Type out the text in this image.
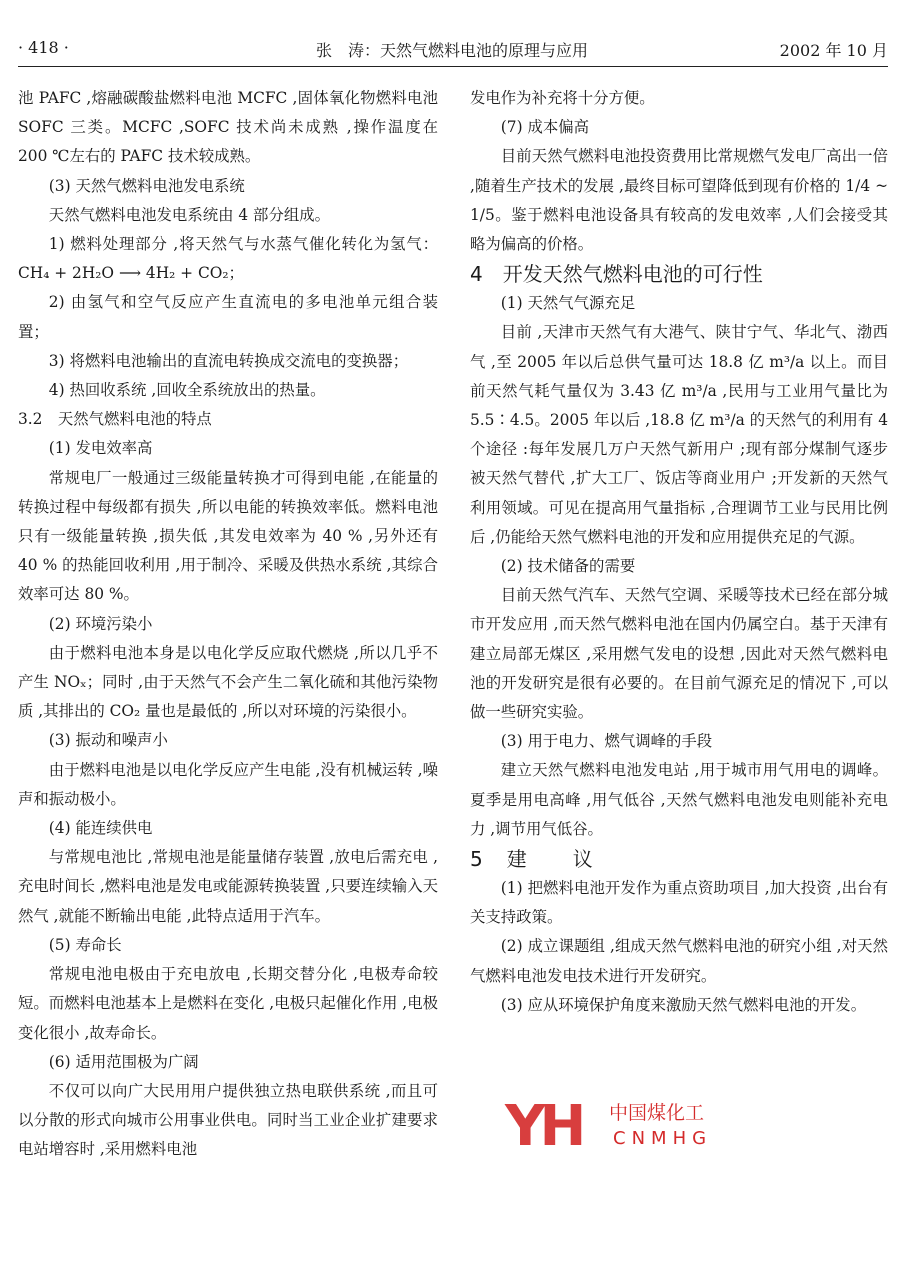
· 418 ·	张　涛：天然气燃料电池的原理与应用	2002 年 10 月

池 PAFC ,熔融碳酸盐燃料电池 MCFC ,固体氧化物燃料电池 SOFC 三类。MCFC ,SOFC 技术尚未成熟 ,操作温度在 200 ℃左右的 PAFC 技术较成熟。

(3) 天然气燃料电池发电系统

天然气燃料电池发电系统由 4 部分组成。

1) 燃料处理部分 ,将天然气与水蒸气催化转化为氢气：CH₄ + 2H₂O ⟶ 4H₂ + CO₂；

2) 由氢气和空气反应产生直流电的多电池单元组合装置；

3) 将燃料电池输出的直流电转换成交流电的变换器；

4) 热回收系统 ,回收全系统放出的热量。

3.2　天然气燃料电池的特点

(1) 发电效率高

常规电厂一般通过三级能量转换才可得到电能 ,在能量的转换过程中每级都有损失 ,所以电能的转换效率低。燃料电池只有一级能量转换 ,损失低 ,其发电效率为 40 % ,另外还有 40 % 的热能回收利用 ,用于制冷、采暖及供热水系统 ,其综合效率可达 80 %。

(2) 环境污染小

由于燃料电池本身是以电化学反应取代燃烧 ,所以几乎不产生 NOₓ；同时 ,由于天然气不会产生二氧化硫和其他污染物质 ,其排出的 CO₂ 量也是最低的 ,所以对环境的污染很小。

(3) 振动和噪声小

由于燃料电池是以电化学反应产生电能 ,没有机械运转 ,噪声和振动极小。

(4) 能连续供电

与常规电池比 ,常规电池是能量储存装置 ,放电后需充电 ,充电时间长 ,燃料电池是发电或能源转换装置 ,只要连续输入天然气 ,就能不断输出电能 ,此特点适用于汽车。

(5) 寿命长

常规电池电极由于充电放电 ,长期交替分化 ,电极寿命较短。而燃料电池基本上是燃料在变化 ,电极只起催化作用 ,电极变化很小 ,故寿命长。

(6) 适用范围极为广阔

不仅可以向广大民用用户提供独立热电联供系统 ,而且可以分散的形式向城市公用事业供电。同时当工业企业扩建要求电站增容时 ,采用燃料电池

发电作为补充将十分方便。

(7) 成本偏高

目前天然气燃料电池投资费用比常规燃气发电厂高出一倍 ,随着生产技术的发展 ,最终目标可望降低到现有价格的 1/4 ~ 1/5。鉴于燃料电池设备具有较高的发电效率 ,人们会接受其略为偏高的价格。

4　开发天然气燃料电池的可行性

(1) 天然气气源充足

目前 ,天津市天然气有大港气、陕甘宁气、华北气、渤西气 ,至 2005 年以后总供气量可达 18.8 亿 m³/a 以上。而目前天然气耗气量仅为 3.43 亿 m³/a ,民用与工业用气量比为 5.5∶4.5。2005 年以后 ,18.8 亿 m³/a 的天然气的利用有 4 个途径 :每年发展几万户天然气新用户 ;现有部分煤制气逐步被天然气替代 ,扩大工厂、饭店等商业用户 ;开发新的天然气利用领域。可见在提高用气量指标 ,合理调节工业与民用比例后 ,仍能给天然气燃料电池的开发和应用提供充足的气源。

(2) 技术储备的需要

目前天然气汽车、天然气空调、采暖等技术已经在部分城市开发应用 ,而天然气燃料电池在国内仍属空白。基于天津有建立局部无煤区 ,采用燃气发电的设想 ,因此对天然气燃料电池的开发研究是很有必要的。在目前气源充足的情况下 ,可以做一些研究实验。

(3) 用于电力、燃气调峰的手段

建立天然气燃料电池发电站 ,用于城市用气用电的调峰。夏季是用电高峰 ,用气低谷 ,天然气燃料电池发电则能补充电力 ,调节用气低谷。

5　建　　议

(1) 把燃料电池开发作为重点资助项目 ,加大投资 ,出台有关支持政策。

(2) 成立课题组 ,组成天然气燃料电池的研究小组 ,对天然气燃料电池发电技术进行开发研究。

(3) 应从环境保护角度来激励天然气燃料电池的开发。

YH 中国煤化工
CNMHG
